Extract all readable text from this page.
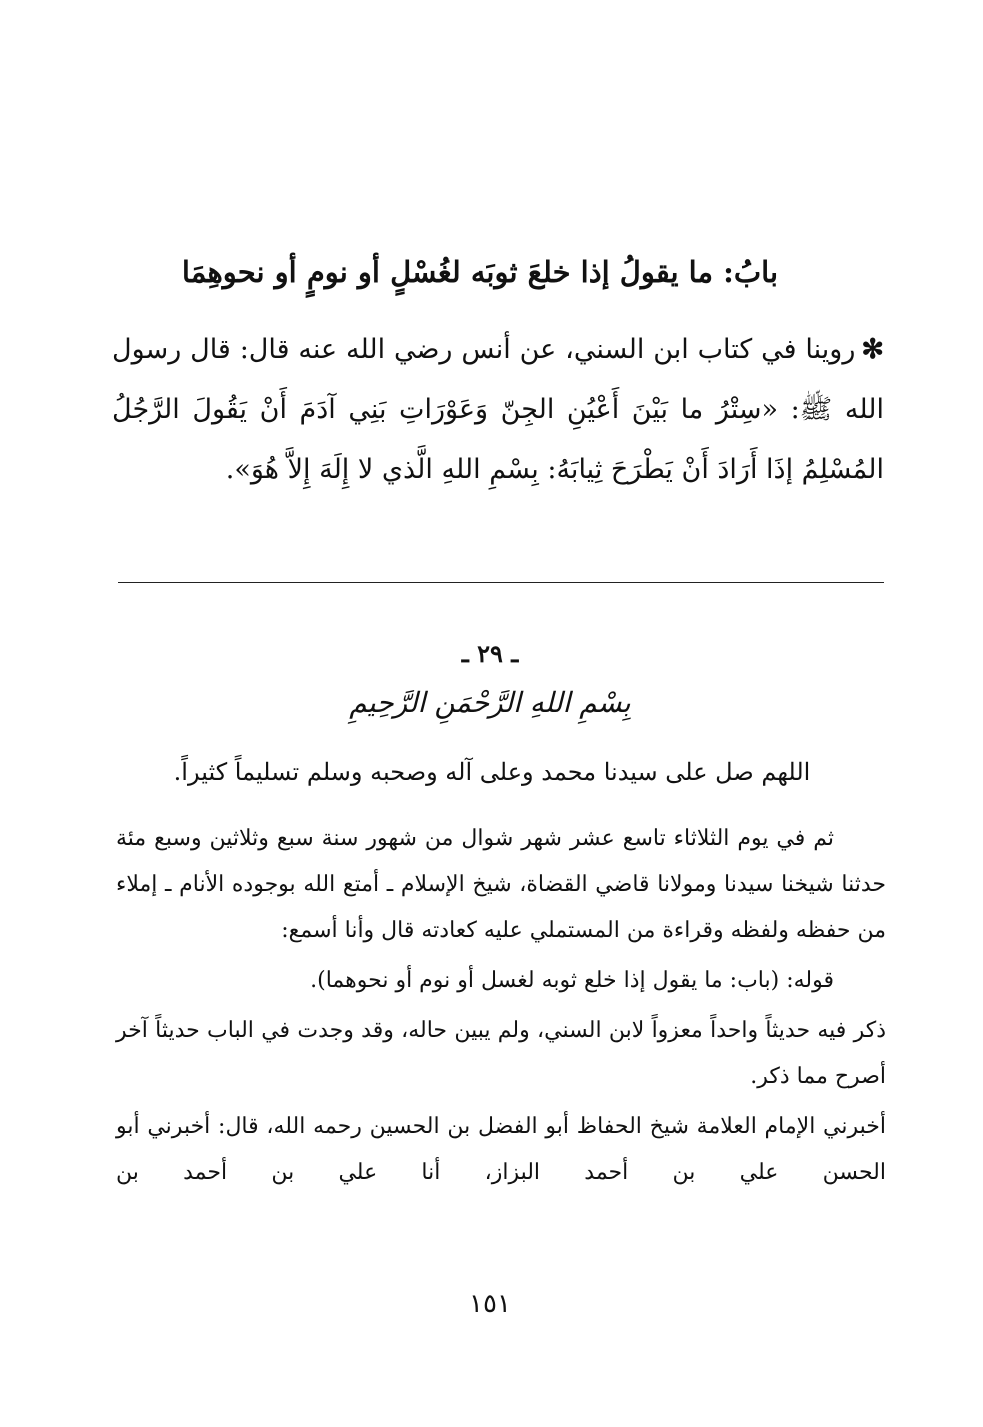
بابُ: ما يقولُ إذا خلعَ ثوبَه لغُسْلٍ أو نومٍ أو نحوهِمَا
✻روينا في كتاب ابن السني، عن أنس رضي الله عنه قال: قال رسول الله ﷺ: «سِتْرُ ما بَيْنَ أَعْيُنِ الجِنّ وَعَوْرَاتِ بَنِي آدَمَ أَنْ يَقُولَ الرَّجُلُ المُسْلِمُ إذَا أَرَادَ أَنْ يَطْرَحَ ثِيابَهُ: بِسْمِ اللهِ الَّذي لا إِلَهَ إِلاَّ هُوَ».
ـ ٢٩ ـ
بِسْمِ اللهِ الرَّحْمَنِ الرَّحِيمِ
اللهم صل على سيدنا محمد وعلى آله وصحبه وسلم تسليماً كثيراً.

ثم في يوم الثلاثاء تاسع عشر شهر شوال من شهور سنة سبع وثلاثين وسبع مئة حدثنا شيخنا سيدنا ومولانا قاضي القضاة، شيخ الإسلام ـ أمتع الله بوجوده الأنام ـ إملاء من حفظه ولفظه وقراءة من المستملي عليه كعادته قال وأنا أسمع:

قوله: (باب: ما يقول إذا خلع ثوبه لغسل أو نوم أو نحوهما).

ذكر فيه حديثاً واحداً معزواً لابن السني، ولم يبين حاله، وقد وجدت في الباب حديثاً آخر أصرح مما ذكر.

أخبرني الإمام العلامة شيخ الحفاظ أبو الفضل بن الحسين رحمه الله، قال: أخبرني أبو الحسن علي بن أحمد البزاز، أنا علي بن أحمد بن

١٥١
